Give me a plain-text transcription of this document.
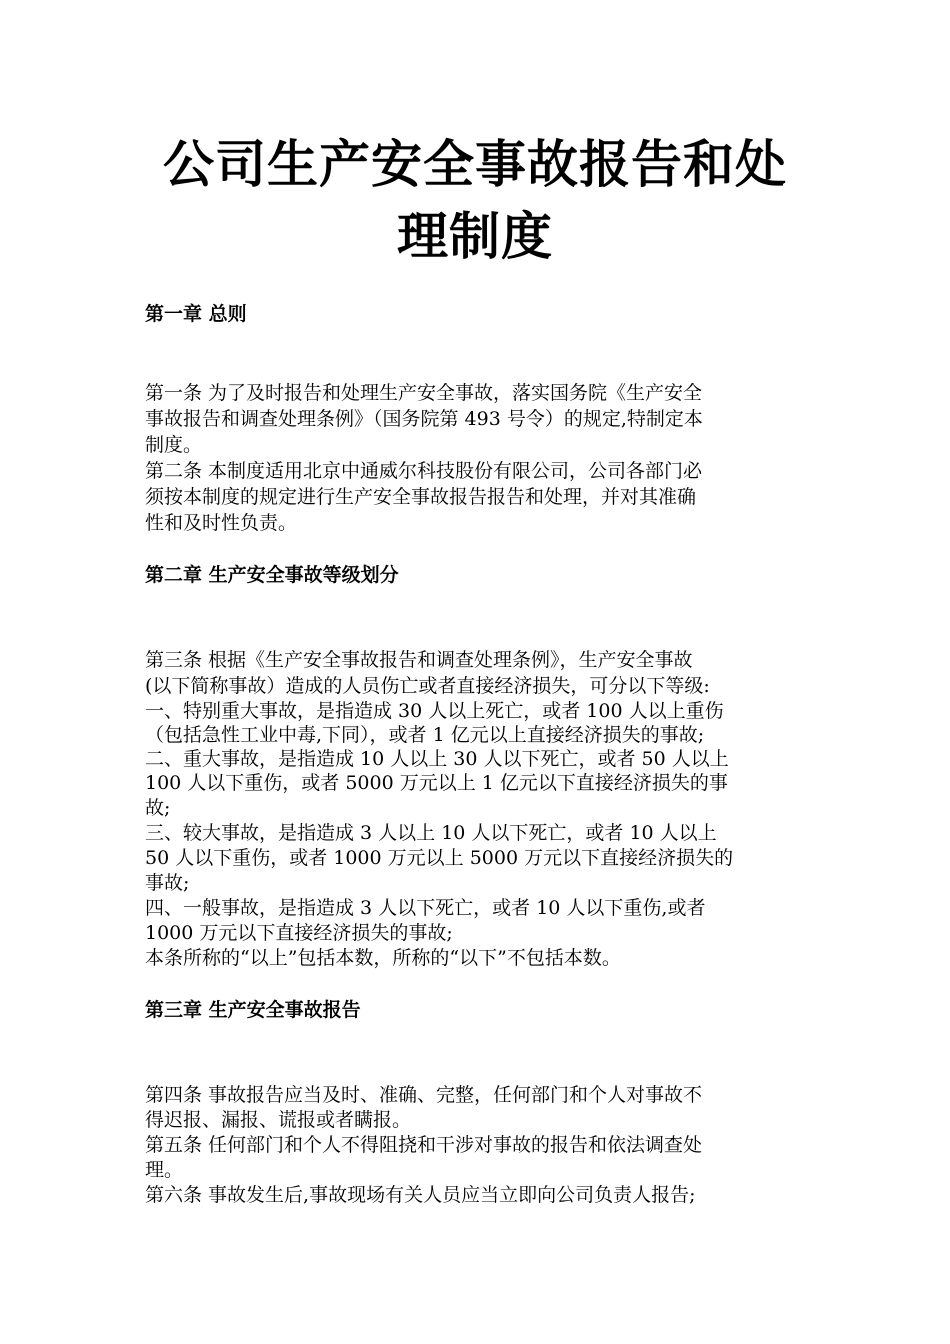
公司生产安全事故报告和处
理制度
第一章 总则

第一条 为了及时报告和处理生产安全事故，落实国务院《生产安全

事故报告和调查处理条例》（国务院第 493 号令）的规定,特制定本

制度。

第二条 本制度适用北京中通威尔科技股份有限公司，公司各部门必

须按本制度的规定进行生产安全事故报告报告和处理，并对其准确

性和及时性负责。

第二章 生产安全事故等级划分

第三条 根据《生产安全事故报告和调查处理条例》，生产安全事故

(以下简称事故）造成的人员伤亡或者直接经济损失，可分以下等级:

一、特别重大事故，是指造成 30 人以上死亡，或者 100 人以上重伤

（包括急性工业中毒,下同），或者 1 亿元以上直接经济损失的事故;

二、重大事故，是指造成 10 人以上 30 人以下死亡，或者 50 人以上

100 人以下重伤，或者 5000 万元以上 1 亿元以下直接经济损失的事

故;

三、较大事故，是指造成 3 人以上 10 人以下死亡，或者 10 人以上

50 人以下重伤，或者 1000 万元以上 5000 万元以下直接经济损失的

事故;

四、一般事故，是指造成 3 人以下死亡，或者 10 人以下重伤,或者

1000 万元以下直接经济损失的事故;

本条所称的“以上”包括本数，所称的“以下”不包括本数。

第三章 生产安全事故报告

第四条 事故报告应当及时、准确、完整，任何部门和个人对事故不

得迟报、漏报、谎报或者瞒报。

第五条 任何部门和个人不得阻挠和干涉对事故的报告和依法调查处

理。

第六条 事故发生后,事故现场有关人员应当立即向公司负责人报告;
